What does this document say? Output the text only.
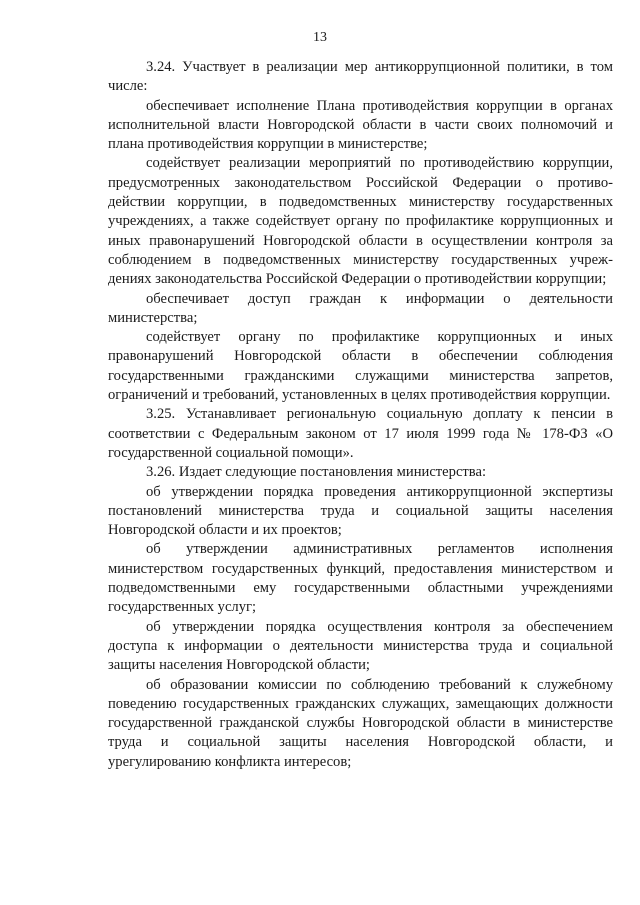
13

3.24. Участвует в реализации мер антикоррупционной политики, в том числе:

обеспечивает исполнение Плана противодействия коррупции в органах исполнительной власти Новгородской области в части своих полномочий и плана противодействия коррупции в министерстве;

содействует реализации мероприятий по противодействию коррупции, предусмотренных законодательством Российской Федерации о противо-действии коррупции, в подведомственных министерству государственных учреждениях, а также содействует органу по профилактике коррупционных и иных правонарушений Новгородской области в осуществлении контроля за соблюдением в подведомственных министерству государственных учреж-дениях законодательства Российской Федерации о противодействии коррупции;

обеспечивает доступ граждан к информации о деятельности министерства;

содействует органу по профилактике коррупционных и иных правонарушений Новгородской области в обеспечении соблюдения государственными гражданскими служащими министерства запретов, ограничений и требований, установленных в целях противодействия коррупции.

3.25. Устанавливает региональную социальную доплату к пенсии в соответствии с Федеральным законом от 17 июля 1999 года № 178-ФЗ «О государственной социальной помощи».

3.26. Издает следующие постановления министерства:

об утверждении порядка проведения антикоррупционной экспертизы постановлений министерства труда и социальной защиты населения Новгородской области и их проектов;

об утверждении административных регламентов исполнения министерством государственных функций, предоставления министерством и подведомственными ему государственными областными учреждениями государственных услуг;

об утверждении порядка осуществления контроля за обеспечением доступа к информации о деятельности министерства труда и социальной защиты населения Новгородской области;

об образовании комиссии по соблюдению требований к служебному поведению государственных гражданских служащих, замещающих должности государственной гражданской службы Новгородской области в министерстве труда и социальной защиты населения Новгородской области, и урегулированию конфликта интересов;
